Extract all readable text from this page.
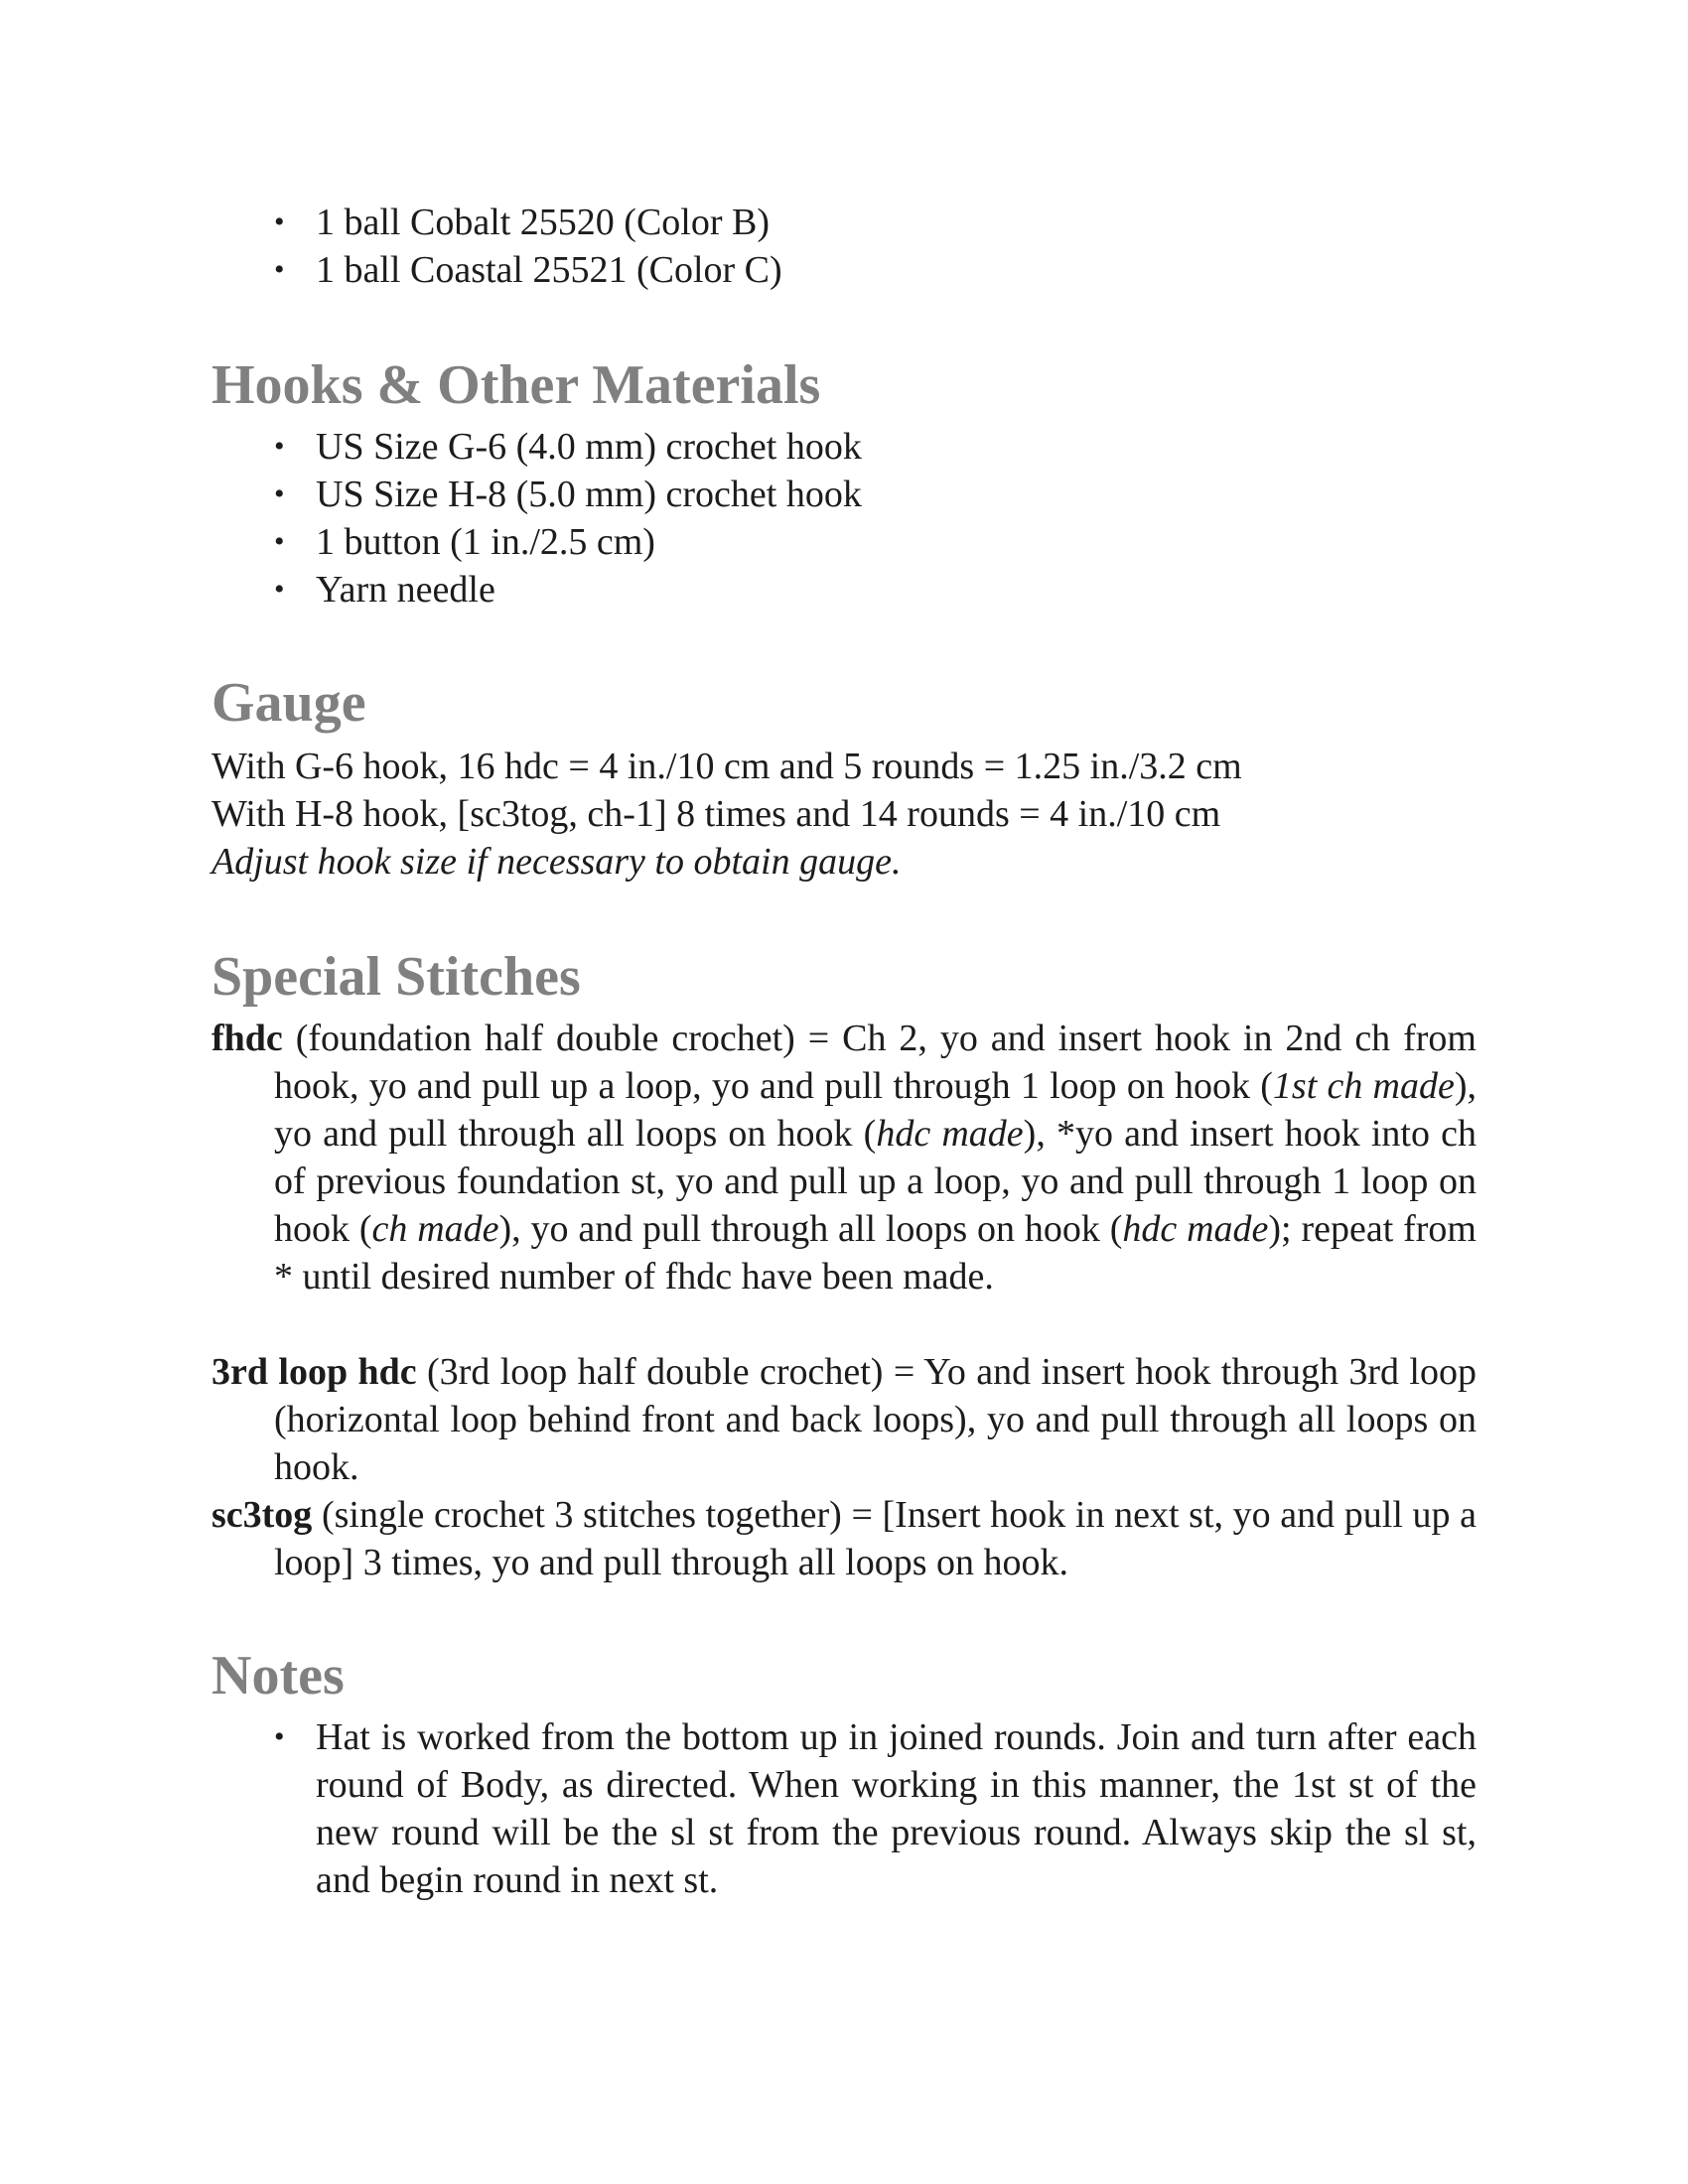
• 1 ball Cobalt 25520 (Color B)
• 1 ball Coastal 25521 (Color C)
Hooks & Other Materials
• US Size G-6 (4.0 mm) crochet hook
• US Size H-8 (5.0 mm) crochet hook
• 1 button (1 in./2.5 cm)
• Yarn needle
Gauge
With G-6 hook, 16 hdc = 4 in./10 cm and 5 rounds = 1.25 in./3.2 cm
With H-8 hook, [sc3tog, ch-1] 8 times and 14 rounds = 4 in./10 cm
Adjust hook size if necessary to obtain gauge.
Special Stitches
fhdc (foundation half double crochet) = Ch 2, yo and insert hook in 2nd ch from hook, yo and pull up a loop, yo and pull through 1 loop on hook (1st ch made), yo and pull through all loops on hook (hdc made), *yo and insert hook into ch of previous foundation st, yo and pull up a loop, yo and pull through 1 loop on hook (ch made), yo and pull through all loops on hook (hdc made); repeat from * until desired number of fhdc have been made.
3rd loop hdc (3rd loop half double crochet) = Yo and insert hook through 3rd loop (horizontal loop behind front and back loops), yo and pull through all loops on hook.
sc3tog (single crochet 3 stitches together) = [Insert hook in next st, yo and pull up a loop] 3 times, yo and pull through all loops on hook.
Notes
• Hat is worked from the bottom up in joined rounds. Join and turn after each round of Body, as directed. When working in this manner, the 1st st of the new round will be the sl st from the previous round. Always skip the sl st, and begin round in next st.
